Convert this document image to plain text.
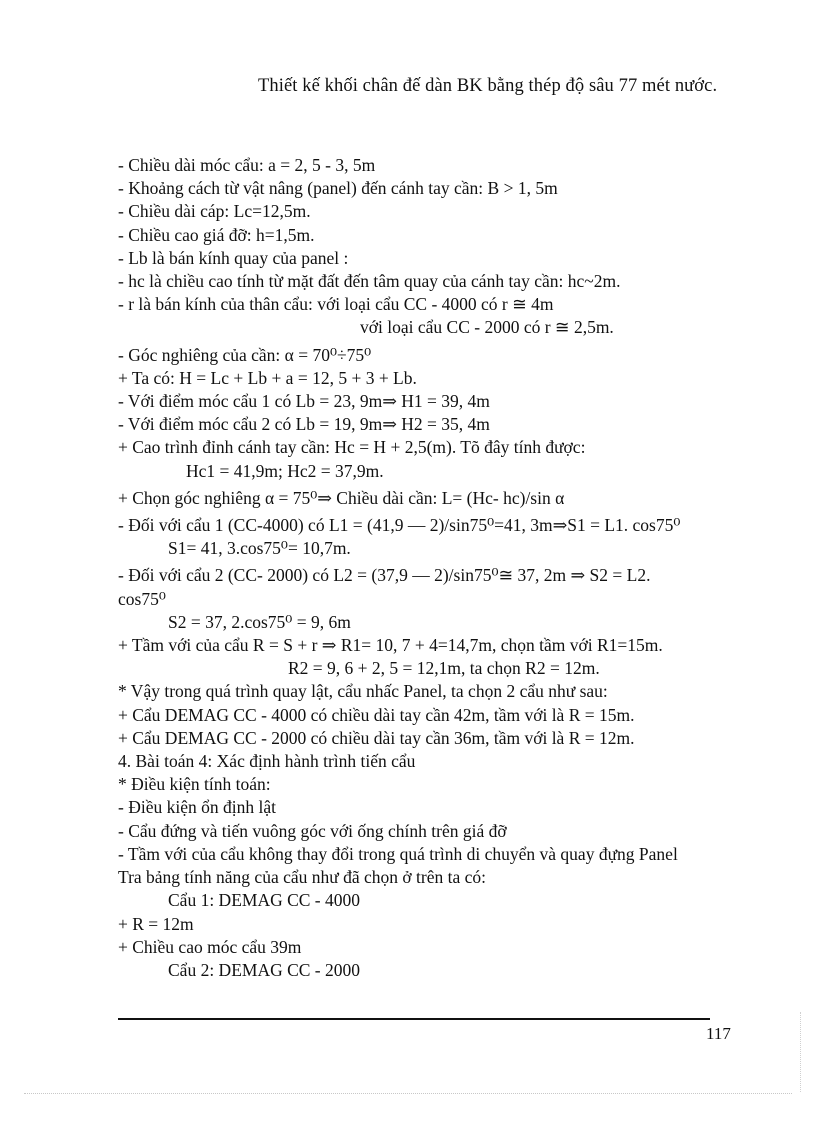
Thiết kế khối chân đế dàn BK bằng thép độ sâu 77 mét nước.
- Chiều dài móc cẩu: a = 2, 5 - 3, 5m
- Khoảng cách từ vật nâng (panel) đến cánh tay cần: B > 1, 5m
- Chiều dài cáp: Lc=12,5m.
- Chiều cao giá đỡ: h=1,5m.
- Lb là bán kính quay của panel :
- hc là chiều cao tính từ mặt đất đến tâm quay của cánh tay cần: hc~2m.
- r là bán kính của thân cẩu: với loại cẩu CC - 4000 có r ≅ 4m
với loại cẩu CC - 2000 có r ≅ 2,5m.
- Góc nghiêng của cần: α = 70⁰÷75⁰
+ Ta có: H = Lc + Lb + a = 12, 5 + 3 + Lb.
- Với điểm móc cẩu 1 có Lb = 23, 9m⇒ H1 = 39, 4m
- Với điểm móc cẩu 2 có Lb = 19, 9m⇒ H2 = 35, 4m
+ Cao trình đỉnh cánh tay cần: Hc = H + 2,5(m). Tõ đây tính được:
Hc1 = 41,9m; Hc2 = 37,9m.
+ Chọn góc nghiêng α = 75⁰⇒ Chiều dài cần: L= (Hc- hc)/sin α
- Đối với cẩu 1 (CC-4000) có L1 = (41,9 — 2)/sin75⁰=41, 3m⇒S1 = L1. cos75⁰
S1= 41, 3.cos75⁰= 10,7m.
- Đối với cẩu 2 (CC- 2000) có L2 = (37,9 — 2)/sin75⁰≅ 37, 2m ⇒ S2 = L2.
cos75⁰
S2 = 37, 2.cos75⁰ = 9, 6m
+ Tầm với của cẩu R = S + r ⇒ R1= 10, 7 + 4=14,7m, chọn tầm với R1=15m.
R2 = 9, 6 + 2, 5 = 12,1m, ta chọn R2 = 12m.
* Vậy trong quá trình quay lật, cẩu nhấc Panel, ta chọn 2 cẩu như sau:
+ Cẩu DEMAG CC - 4000 có chiều dài tay cần 42m, tầm với là R = 15m.
+ Cẩu DEMAG CC - 2000 có chiều dài tay cần 36m, tầm với là R = 12m.
4. Bài toán 4: Xác định hành trình tiến cẩu
* Điều kiện tính toán:
- Điều kiện ổn định lật
- Cẩu đứng và tiến vuông góc với ống chính trên giá đỡ
- Tầm với của cẩu không thay đổi trong quá trình di chuyển và quay đựng Panel
Tra bảng tính năng của cẩu như đã chọn ở trên ta có:
Cẩu 1: DEMAG CC - 4000
+ R = 12m
+ Chiều cao móc cẩu 39m
Cẩu 2: DEMAG CC - 2000
117
